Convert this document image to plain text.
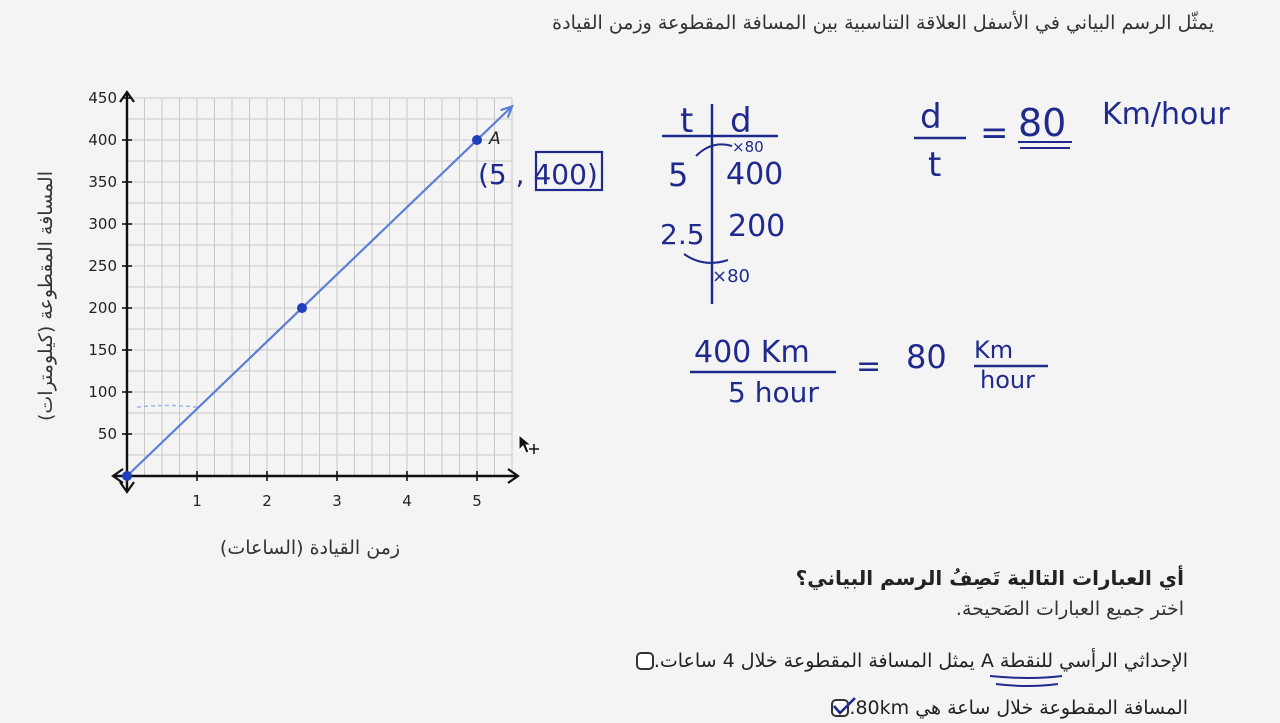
يمثّل الرسم البياني في الأسفل العلاقة التناسبية بين المسافة المقطوعة وزمن القيادة
1	2	3	4	5
50
100
150
200
250
300
350
400
450
A
المسافة المقطوعة (كيلومترات)
زمن القيادة (الساعات)
(5 , 400)
t d
×80
5 400
2.5 200
×80
d
t
= 80 Km/hour
400 Km
5 hour
= 80 Km
hour
أي العبارات التالية تَصِفُ الرسم البياني؟
اختر جميع العبارات الصَحيحة.
الإحداثي الرأسي للنقطة A يمثل المسافة المقطوعة خلال 4 ساعات.
المسافة المقطوعة خلال ساعة هي 80km.
